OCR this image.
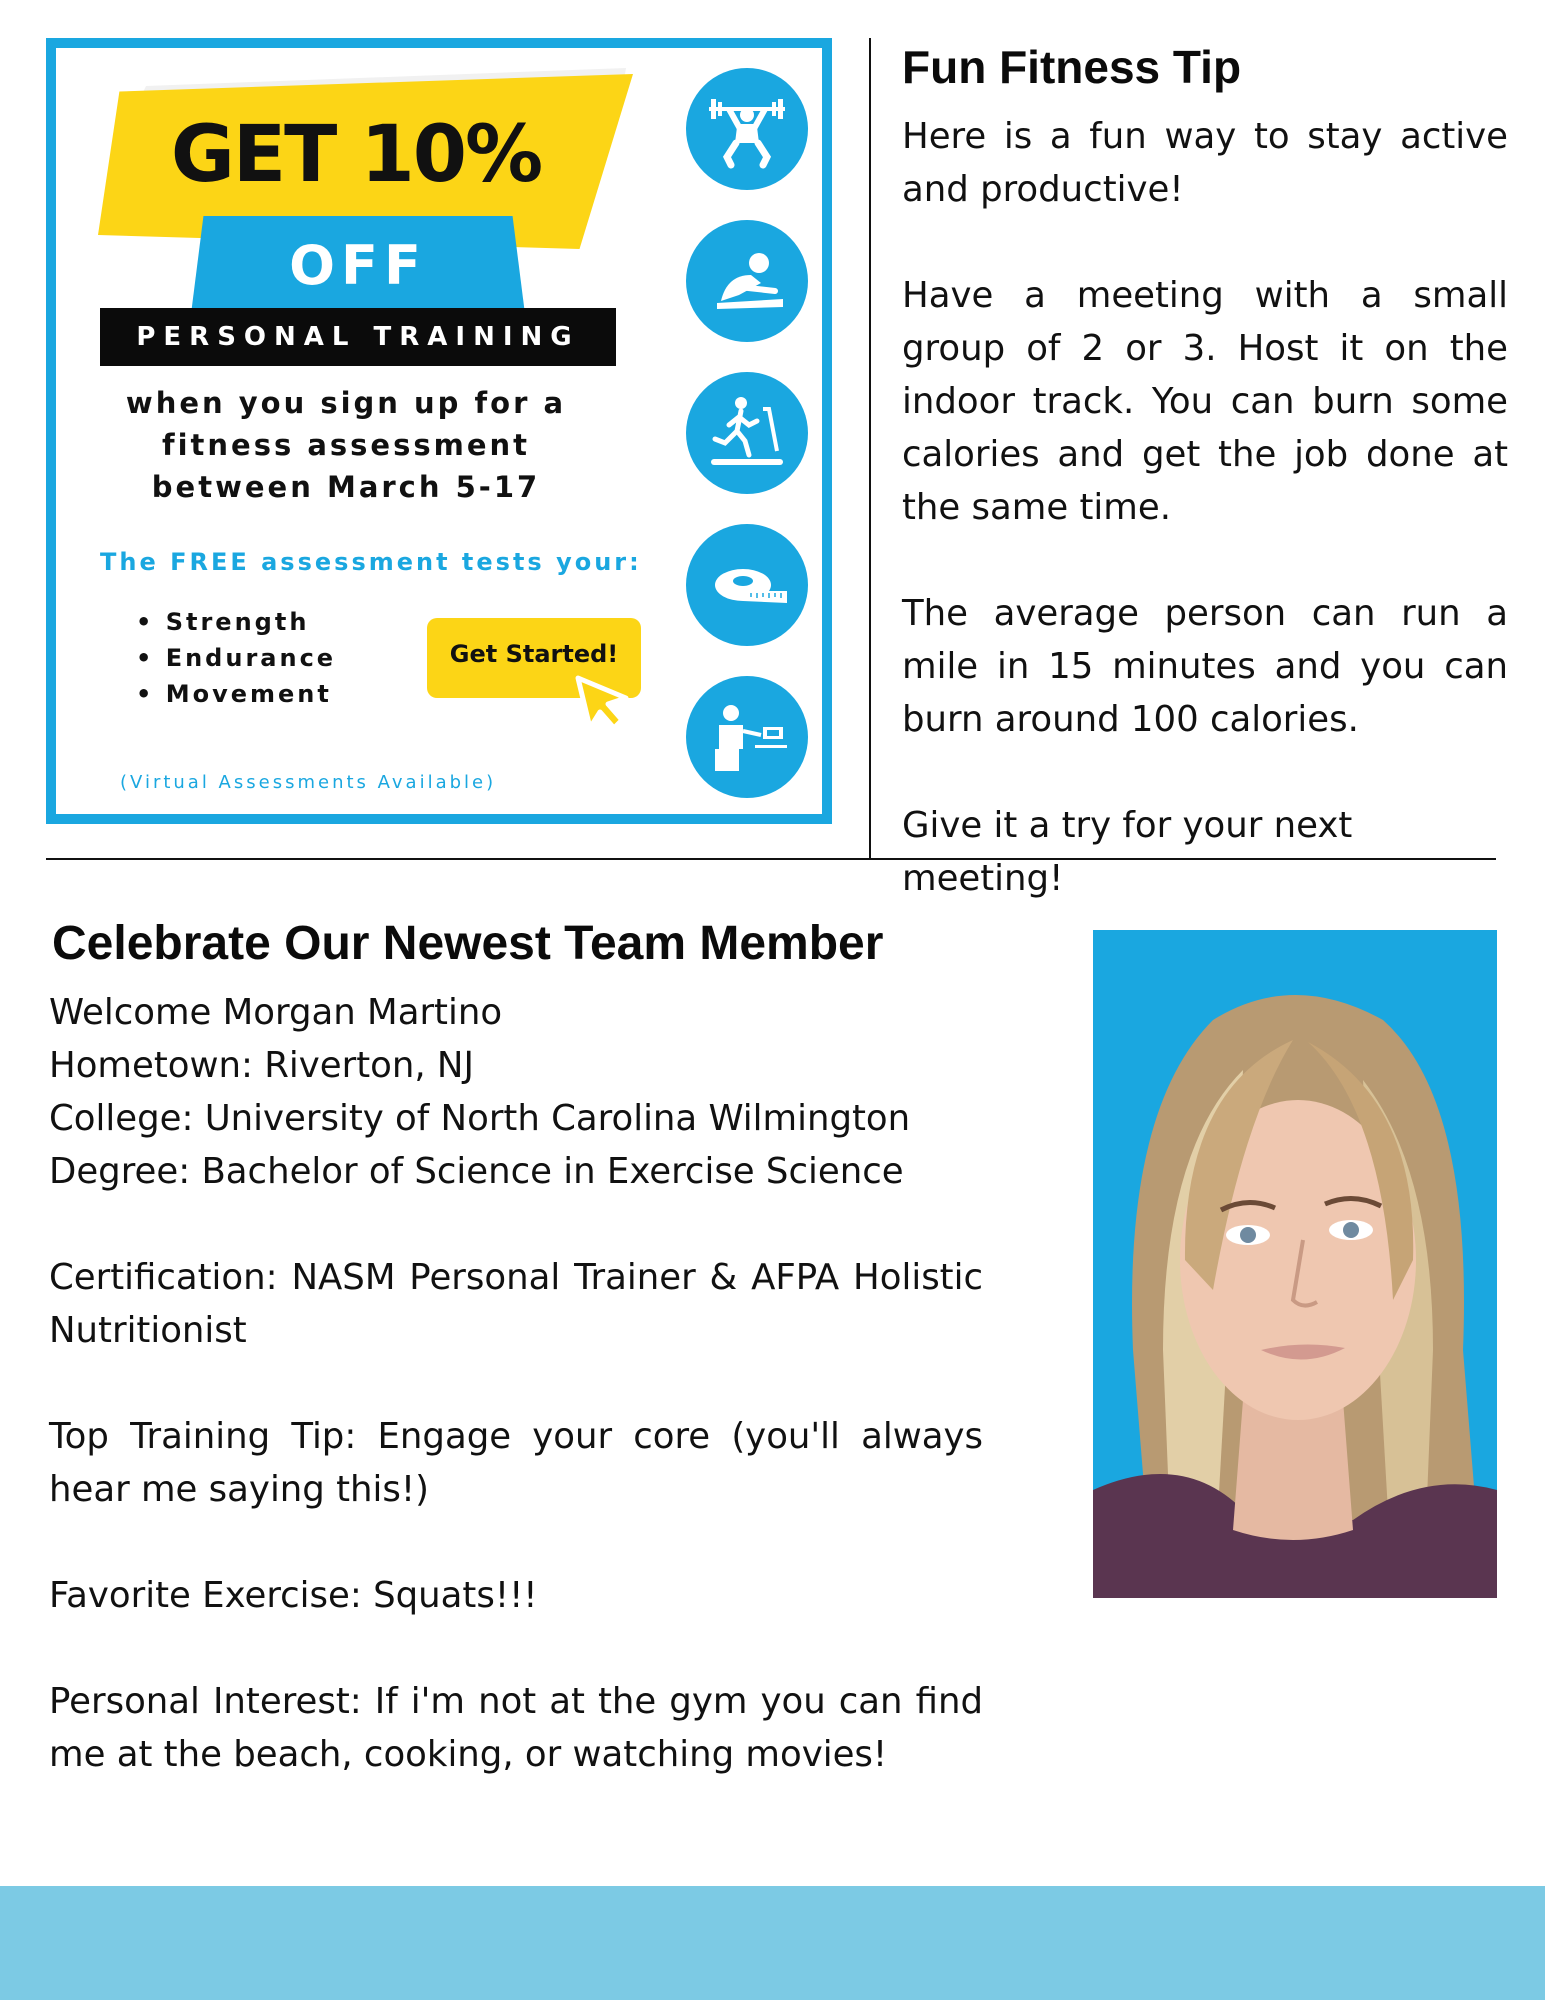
GET 10%
OFF
PERSONAL TRAINING
when you sign up for a
fitness assessment
between March 5-17
The FREE assessment tests your:
• Strength
• Endurance
• Movement
Get Started!
(Virtual Assessments Available)
Fun Fitness Tip

Here is a fun way to stay active and productive!

Have a meeting with a small group of 2 or 3. Host it on the indoor track. You can burn some calories and get the job done at the same time.

The average person can run a mile in 15 minutes and you can burn around 100 calories.

Give it a try for your next meeting!

Celebrate Our Newest Team Member
Welcome Morgan Martino
Hometown: Riverton, NJ
College: University of North Carolina Wilmington
Degree: Bachelor of Science in Exercise Science
Certification: NASM Personal Trainer & AFPA Holistic Nutritionist
Top Training Tip: Engage your core (you'll always hear me saying this!)
Favorite Exercise: Squats!!!
Personal Interest: If i'm not at the gym you can find me at the beach, cooking, or watching movies!
